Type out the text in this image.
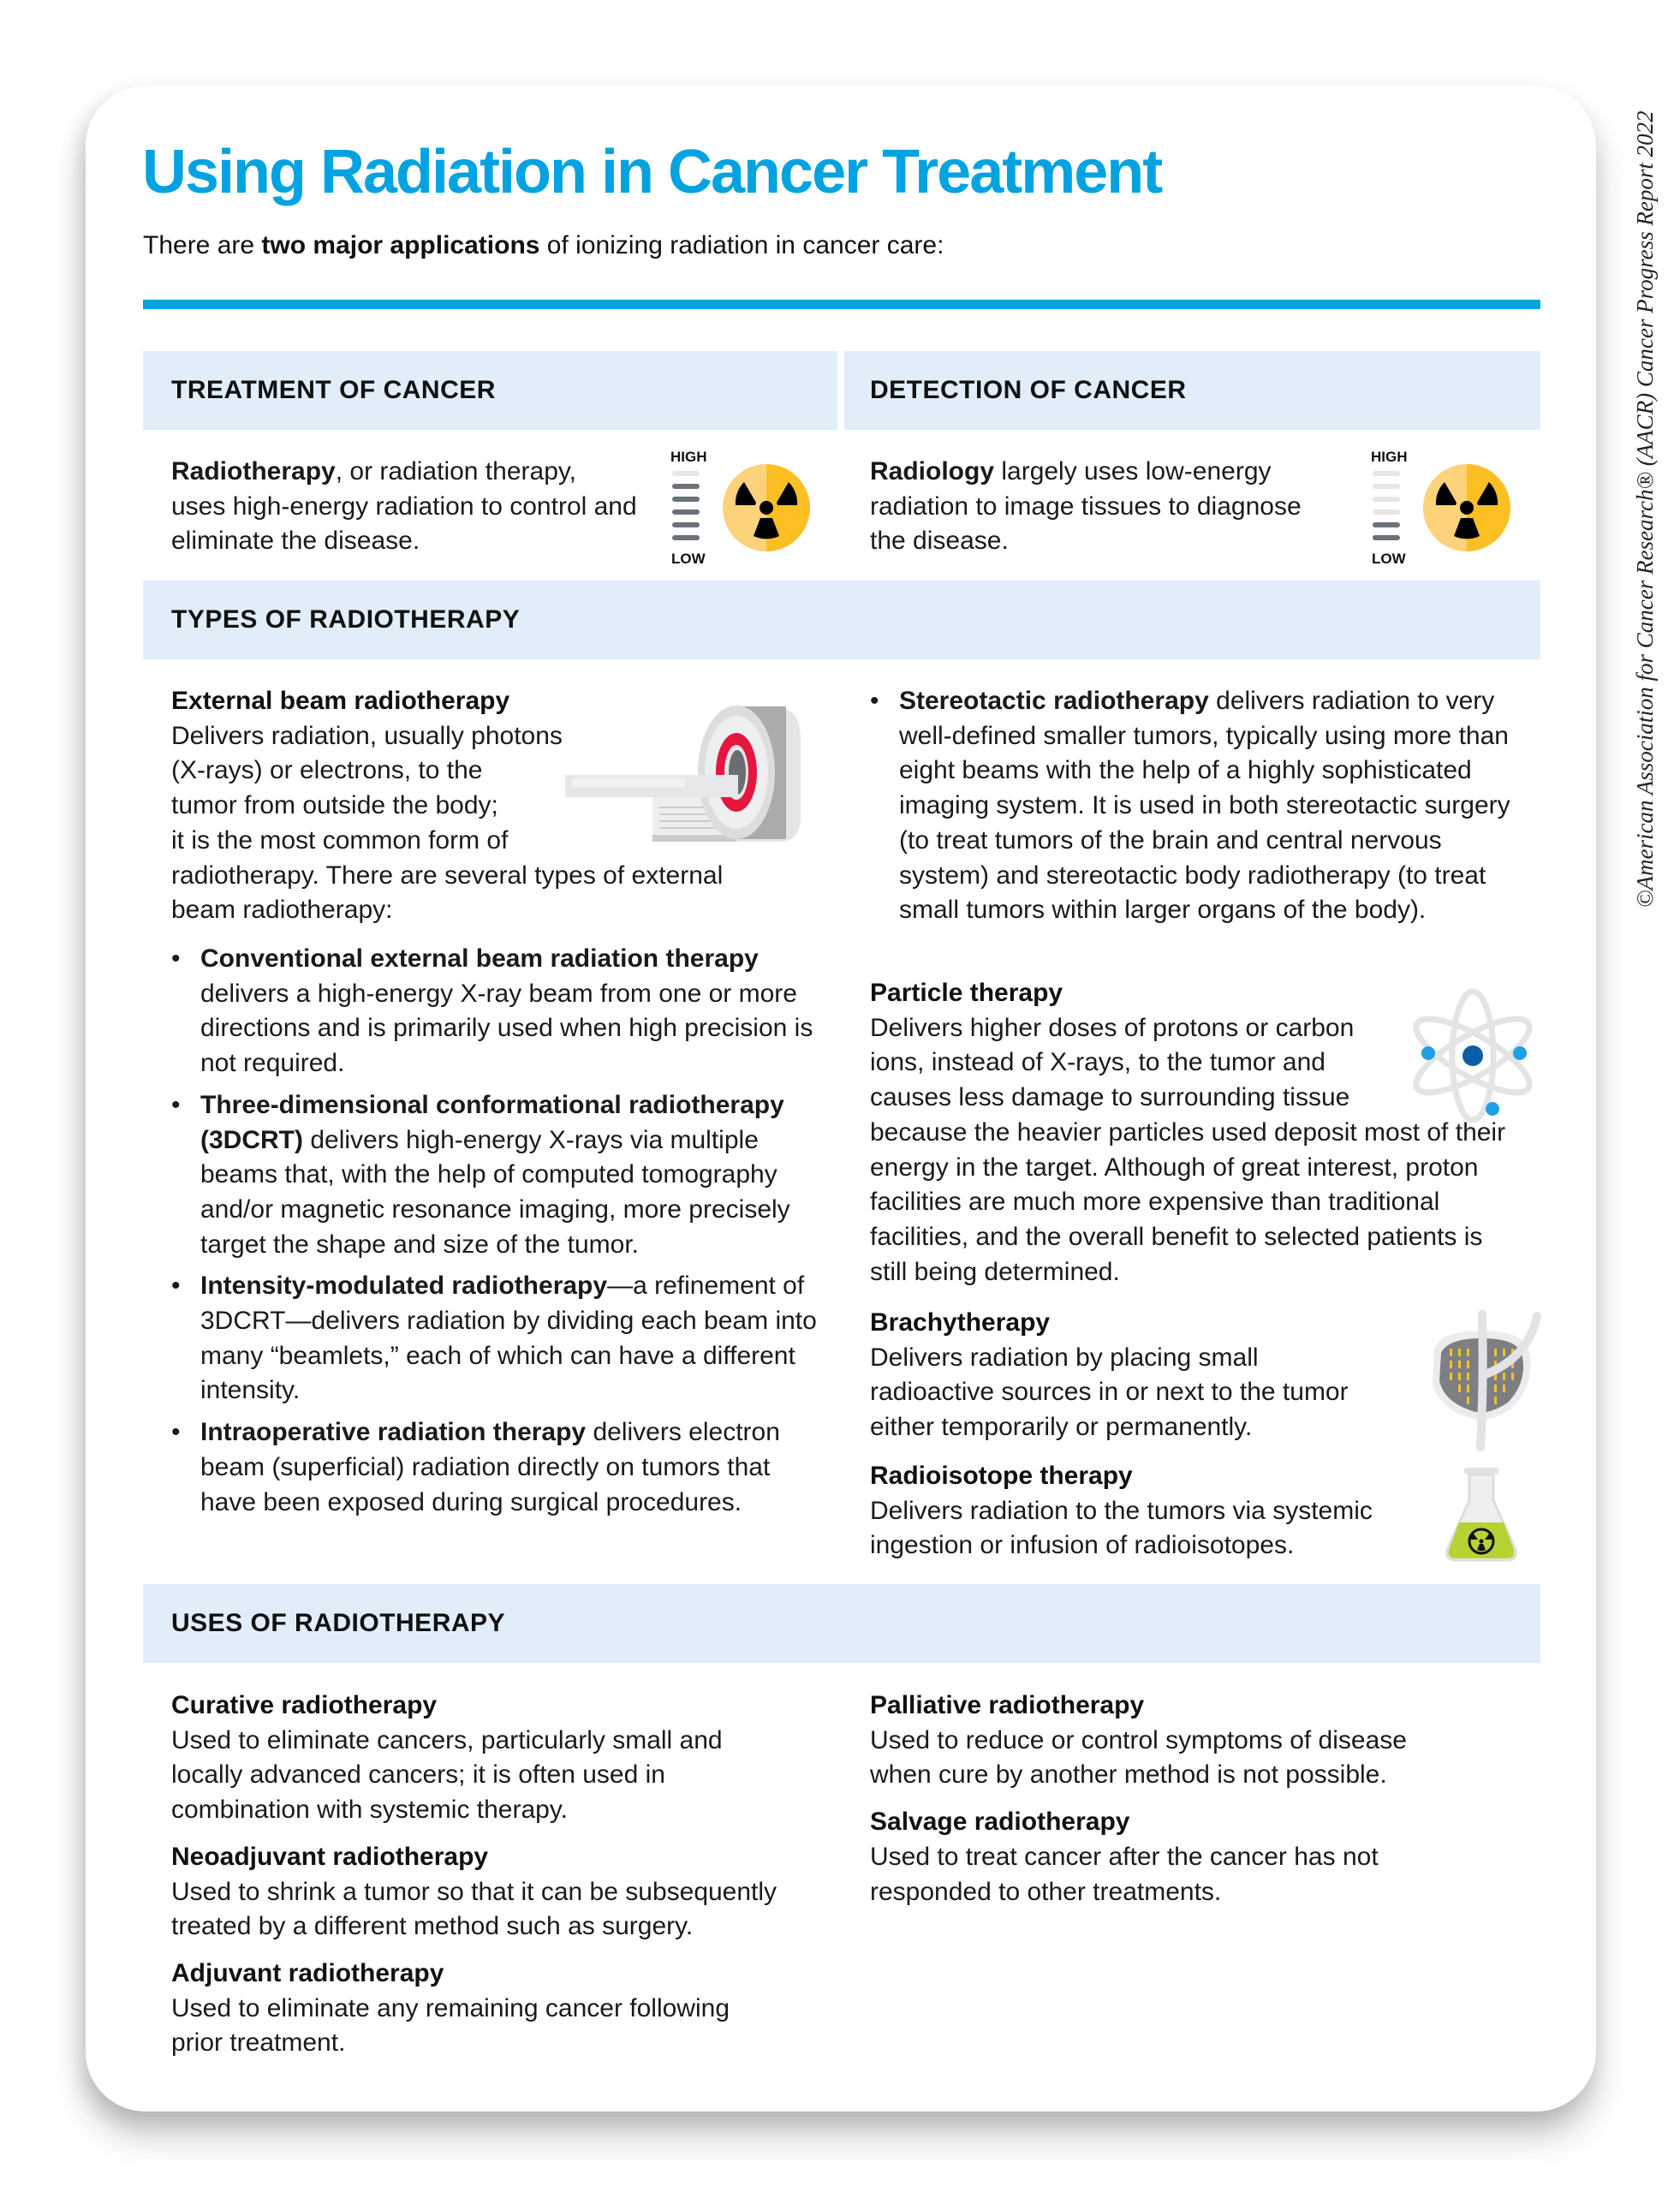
©American Association for Cancer Research® (AACR) Cancer Progress Report 2022
Using Radiation in Cancer Treatment
There are two major applications of ionizing radiation in cancer care:
TREATMENT OF CANCER	DETECTION OF CANCER
Radiotherapy, or radiation therapy,
uses high-energy radiation to control and eliminate the disease.
Radiology largely uses low-energy
radiation to image tissues to diagnose the disease.
HIGH
LOW
HIGH
LOW
TYPES OF RADIOTHERAPY
External beam radiotherapy
Delivers radiation, usually photons
(X-rays) or electrons, to the
tumor from outside the body;
it is the most common form of
radiotherapy. There are several types of external
beam radiotherapy:
• Conventional external beam radiation therapy delivers a high-energy X-ray beam from one or more directions and is primarily used when high precision is not required.
• Three-dimensional conformational radiotherapy (3DCRT) delivers high-energy X-rays via multiple beams that, with the help of computed tomography and/or magnetic resonance imaging, more precisely target the shape and size of the tumor.
• Intensity-modulated radiotherapy—a refinement of 3DCRT—delivers radiation by dividing each beam into many “beamlets,” each of which can have a different intensity.
• Intraoperative radiation therapy delivers electron beam (superficial) radiation directly on tumors that have been exposed during surgical procedures.
• Stereotactic radiotherapy delivers radiation to very well-defined smaller tumors, typically using more than eight beams with the help of a highly sophisticated imaging system. It is used in both stereotactic surgery (to treat tumors of the brain and central nervous system) and stereotactic body radiotherapy (to treat small tumors within larger organs of the body).
Particle therapy
Delivers higher doses of protons or carbon
ions, instead of X-rays, to the tumor and
causes less damage to surrounding tissue
because the heavier particles used deposit most of their energy in the target. Although of great interest, proton facilities are much more expensive than traditional facilities, and the overall benefit to selected patients is still being determined.
Brachytherapy
Delivers radiation by placing small
radioactive sources in or next to the tumor
either temporarily or permanently.
Radioisotope therapy
Delivers radiation to the tumors via systemic
ingestion or infusion of radioisotopes.
USES OF RADIOTHERAPY
Curative radiotherapy
Used to eliminate cancers, particularly small and locally advanced cancers; it is often used in combination with systemic therapy.
Neoadjuvant radiotherapy
Used to shrink a tumor so that it can be subsequently treated by a different method such as surgery.
Adjuvant radiotherapy
Used to eliminate any remaining cancer following prior treatment.
Palliative radiotherapy
Used to reduce or control symptoms of disease when cure by another method is not possible.
Salvage radiotherapy
Used to treat cancer after the cancer has not responded to other treatments.
